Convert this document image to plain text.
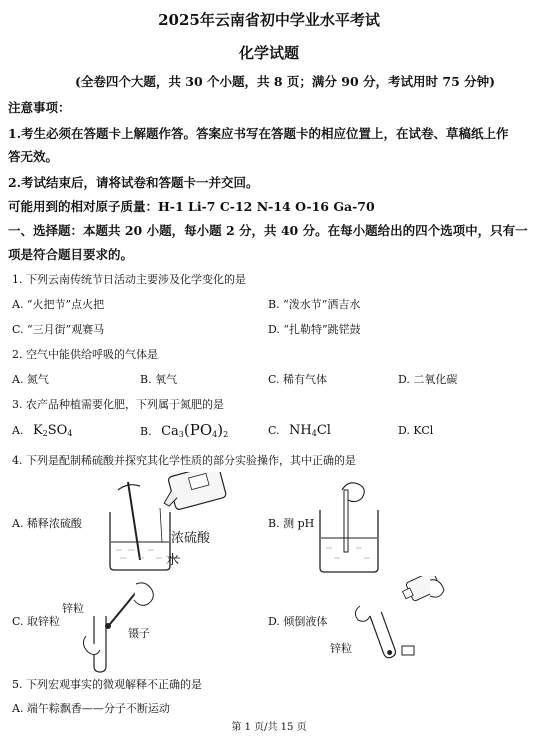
2025年云南省初中学业水平考试
化学试题
(全卷四个大题，共 30 个小题，共 8 页；满分 90 分，考试用时 75 分钟)
注意事项：
1.考生必须在答题卡上解题作答。答案应书写在答题卡的相应位置上，在试卷、草稿纸上作
答无效。
2.考试结束后，请将试卷和答题卡一并交回。
可能用到的相对原子质量：H-1 Li-7 C-12 N-14 O-16 Ga-70
一、选择题：本题共 20 小题，每小题 2 分，共 40 分。在每小题给出的四个选项中，只有一
项是符合题目要求的。
1. 下列云南传统节日活动主要涉及化学变化的是
A. “火把节”点火把	B. “泼水节”洒吉水
C. “三月街”观赛马	D. “扎勒特”跳铓鼓
2. 空气中能供给呼吸的气体是
A. 氮气	B. 氧气	C. 稀有气体	D. 二氧化碳
3. 农产品种植需要化肥，下列属于氮肥的是
A. $K_2SO_4$	B. $Ca_3(PO_4)_2$	C. $NH_4Cl$	D. KCl
4. 下列是配制稀硫酸并探究其化学性质的部分实验操作，其中正确的是
A. 稀释浓硫酸
浓硫酸
水
B. 测 pH
C. 取锌粒
锌粒
镊子
D. 倾倒液体
锌粒
5. 下列宏观事实的微观解释不正确的是
A. 端午粽飘香——分子不断运动
第 1 页/共 15 页
